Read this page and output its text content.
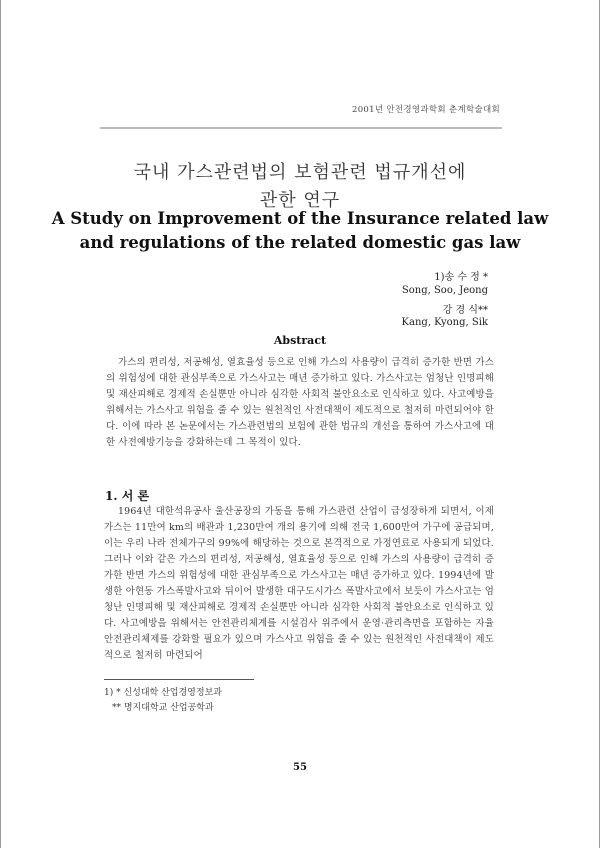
2001년 안전경영과학회 춘계학술대회
국내 가스관련법의 보험관련 법규개선에
관한 연구
A Study on Improvement of the Insurance related law
and regulations of the related domestic gas law
1)송 수 정 *
Song, Soo, Jeong
강 경 식**
Kang, Kyong, Sik
Abstract
가스의 편리성, 저공해성, 열효율성 등으로 인해 가스의 사용량이 급격히 증가한 반면 가스의 위험성에 대한 관심부족으로 가스사고는 매년 증가하고 있다. 가스사고는 엄청난 인명피해 및 재산피해로 경제적 손실뿐만 아니라 심각한 사회적 불안요소로 인식하고 있다. 사고예방을 위해서는 가스사고 위험을 줄 수 있는 원천적인 사전대책이 제도적으로 철저히 마련되어야 한다. 이에 따라 본 논문에서는 가스관련법의 보험에 관한 법규의 개선을 통하여 가스사고에 대한 사전예방기능을 강화하는데 그 목적이 있다.
1. 서 론
1964년 대한석유공사 울산공장의 가동을 통해 가스관련 산업이 급성장하게 되면서, 이제 가스는 11만여 km의 배관과 1,230만여 개의 용기에 의해 전국 1,600만여 가구에 공급되며, 이는 우리 나라 전체가구의 99%에 해당하는 것으로 본격적으로 가정연료로 사용되게 되었다. 그러나 이와 같은 가스의 편리성, 저공해성, 열효율성 등으로 인해 가스의 사용량이 급격히 증가한 반면 가스의 위험성에 대한 관심부족으로 가스사고는 매년 증가하고 있다. 1994년에 발생한 아현동 가스폭발사고와 뒤이어 발생한 대구도시가스 폭발사고에서 보듯이 가스사고는 엄청난 인명피해 및 재산피해로 경제적 손실뿐만 아니라 심각한 사회적 불안요소로 인식하고 있다. 사고예방을 위해서는 안전관리체계를 시설검사 위주에서 운영·관리측면을 포함하는 자율안전관리체제를 강화할 필요가 있으며 가스사고 위험을 줄 수 있는 원천적인 사전대책이 제도적으로 철저히 마련되어
1) * 신성대학 산업경영정보과
** 명지대학교 산업공학과
55
